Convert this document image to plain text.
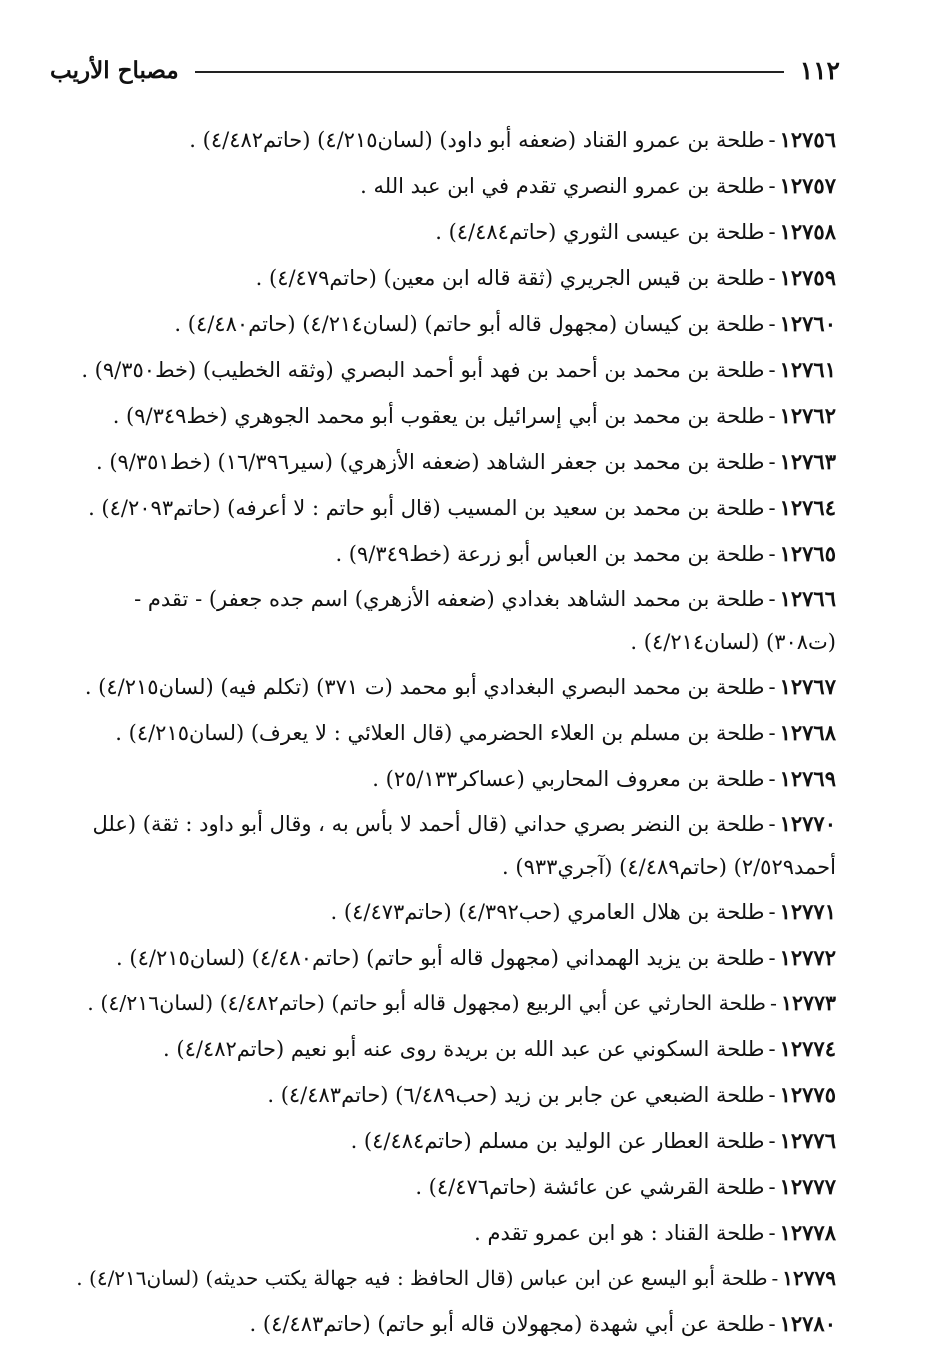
١١٢
مصباح الأريب
١٢٧٥٦-طلحة بن عمرو القناد (ضعفه أبو داود) (لسان٤/٢١٥) (حاتم٤/٤٨٢) .
١٢٧٥٧-طلحة بن عمرو النصري تقدم في ابن عبد الله .
١٢٧٥٨-طلحة بن عيسى الثوري (حاتم٤/٤٨٤) .
١٢٧٥٩-طلحة بن قيس الجريري (ثقة قاله ابن معين) (حاتم٤/٤٧٩) .
١٢٧٦٠-طلحة بن كيسان (مجهول قاله أبو حاتم) (لسان٤/٢١٤) (حاتم٤/٤٨٠) .
١٢٧٦١-طلحة بن محمد بن أحمد بن فهد أبو أحمد البصري (وثقه الخطيب) (خط٩/٣٥٠) .
١٢٧٦٢-طلحة بن محمد بن أبي إسرائيل بن يعقوب أبو محمد الجوهري (خط٩/٣٤٩) .
١٢٧٦٣-طلحة بن محمد بن جعفر الشاهد (ضعفه الأزهري) (سير١٦/٣٩٦) (خط٩/٣٥١) .
١٢٧٦٤-طلحة بن محمد بن سعيد بن المسيب (قال أبو حاتم : لا أعرفه) (حاتم٤/٢٠٩٣) .
١٢٧٦٥-طلحة بن محمد بن العباس أبو زرعة (خط٩/٣٤٩) .
١٢٧٦٦-طلحة بن محمد الشاهد بغدادي (ضعفه الأزهري) اسم جده جعفر) - تقدم - (ت٣٠٨) (لسان٤/٢١٤) .
١٢٧٦٧-طلحة بن محمد البصري البغدادي أبو محمد (ت ٣٧١) (تكلم فيه) (لسان٤/٢١٥) .
١٢٧٦٨-طلحة بن مسلم بن العلاء الحضرمي (قال العلائي : لا يعرف) (لسان٤/٢١٥) .
١٢٧٦٩-طلحة بن معروف المحاربي (عساكر٢٥/١٣٣) .
١٢٧٧٠-طلحة بن النضر بصري حداني (قال أحمد لا بأس به ، وقال أبو داود : ثقة) (علل أحمد٢/٥٢٩) (حاتم٤/٤٨٩) (آجري٩٣٣) .
١٢٧٧١-طلحة بن هلال العامري (حب٤/٣٩٢) (حاتم٤/٤٧٣) .
١٢٧٧٢-طلحة بن يزيد الهمداني (مجهول قاله أبو حاتم) (حاتم٤/٤٨٠) (لسان٤/٢١٥) .
١٢٧٧٣-طلحة الحارثي عن أبي الربيع (مجهول قاله أبو حاتم) (حاتم٤/٤٨٢) (لسان٤/٢١٦) .
١٢٧٧٤-طلحة السكوني عن عبد الله بن بريدة روى عنه أبو نعيم (حاتم٤/٤٨٢) .
١٢٧٧٥-طلحة الضبعي عن جابر بن زيد (حب٦/٤٨٩) (حاتم٤/٤٨٣) .
١٢٧٧٦-طلحة العطار عن الوليد بن مسلم (حاتم٤/٤٨٤) .
١٢٧٧٧-طلحة القرشي عن عائشة (حاتم٤/٤٧٦) .
١٢٧٧٨-طلحة القناد : هو ابن عمرو تقدم .
١٢٧٧٩-طلحة أبو اليسع عن ابن عباس (قال الحافظ : فيه جهالة يكتب حديثه) (لسان٤/٢١٦) .
١٢٧٨٠-طلحة عن أبي شهدة (مجهولان قاله أبو حاتم) (حاتم٤/٤٨٣) .
